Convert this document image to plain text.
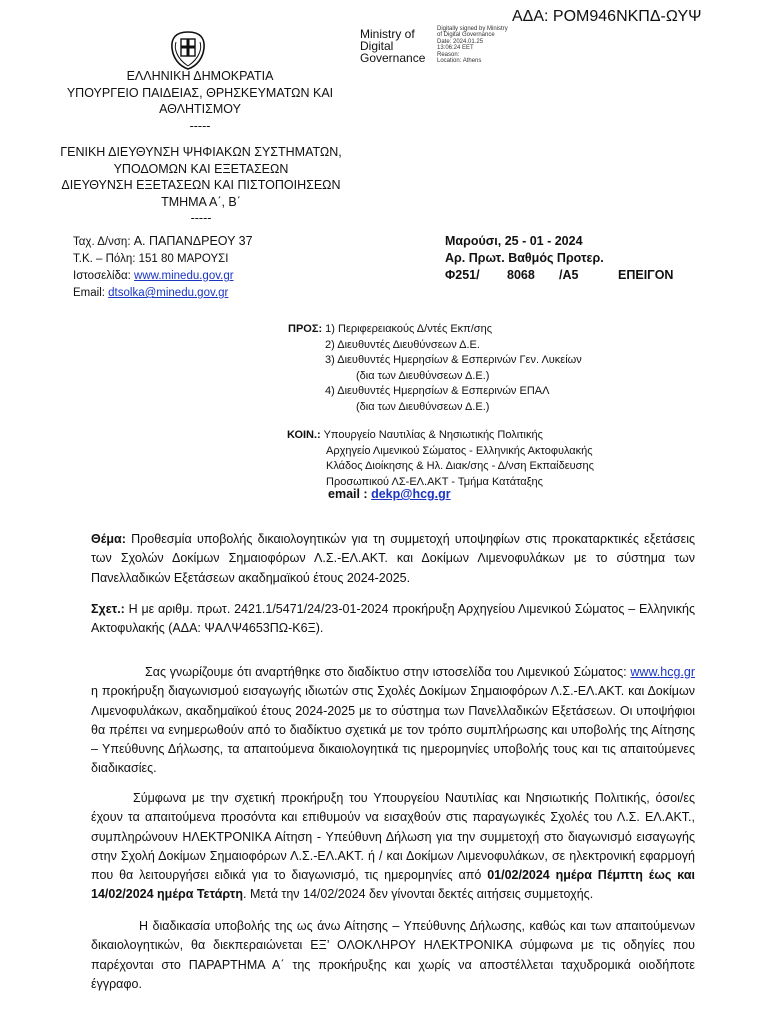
ΑΔΑ: ΡΟΜ946ΝΚΠΔ-ΩΥΨ
Ministry of
Digital
Governance
Digitally signed by Ministry
of Digital Governance
Date: 2024.01.25
13:06:24 EET
Reason:
Location: Athens
ΕΛΛΗΝΙΚΗ ΔΗΜΟΚΡΑΤΙΑ
ΥΠΟΥΡΓΕΙΟ ΠΑΙΔΕΙΑΣ, ΘΡΗΣΚΕΥΜΑΤΩΝ ΚΑΙ
ΑΘΛΗΤΙΣΜΟΥ
-----
ΓΕΝΙΚΗ ΔΙΕΥΘΥΝΣΗ ΨΗΦΙΑΚΩΝ ΣΥΣΤΗΜΑΤΩΝ,
ΥΠΟΔΟΜΩΝ ΚΑΙ ΕΞΕΤΑΣΕΩΝ
ΔΙΕΥΘΥΝΣΗ ΕΞΕΤΑΣΕΩΝ ΚΑΙ ΠΙΣΤΟΠΟΙΗΣΕΩΝ
ΤΜΗΜΑ Α΄, Β΄
-----
Ταχ. Δ/νση: Α. ΠΑΠΑΝΔΡΕΟΥ 37
Τ.Κ. – Πόλη: 151 80 ΜΑΡΟΥΣΙ
Ιστοσελίδα: www.minedu.gov.gr
Email: dtsolka@minedu.gov.gr
Μαρούσι, 25 - 01 - 2024
Αρ. Πρωτ. Βαθμός Προτερ.
Φ251/ 8068 /Α5	ΕΠΕΙΓΟΝ
ΠΡΟΣ: 1) Περιφερειακούς Δ/ντές Εκπ/σης
2) Διευθυντές Διευθύνσεων Δ.Ε.
3) Διευθυντές Ημερησίων & Εσπερινών Γεν. Λυκείων
(δια των Διευθύνσεων Δ.Ε.)
4) Διευθυντές Ημερησίων & Εσπερινών ΕΠΑΛ
(δια των Διευθύνσεων Δ.Ε.)
ΚΟΙΝ.: Υπουργείο Ναυτιλίας & Νησιωτικής Πολιτικής
Αρχηγείο Λιμενικού Σώματος - Ελληνικής Ακτοφυλακής
Κλάδος Διοίκησης & Ηλ. Διακ/σης - Δ/νση Εκπαίδευσης
Προσωπικού ΛΣ-ΕΛ.ΑΚΤ - Τμήμα Κατάταξης
email : dekp@hcg.gr
Θέμα: Προθεσμία υποβολής δικαιολογητικών για τη συμμετοχή υποψηφίων στις προκαταρκτικές εξετάσεις των Σχολών Δοκίμων Σημαιοφόρων Λ.Σ.-ΕΛ.ΑΚΤ. και Δοκίμων Λιμενοφυλάκων με το σύστημα των Πανελλαδικών Εξετάσεων ακαδημαϊκού έτους 2024-2025.
Σχετ.: Η με αριθμ. πρωτ. 2421.1/5471/24/23-01-2024 προκήρυξη Αρχηγείου Λιμενικού Σώματος – Ελληνικής Ακτοφυλακής (ΑΔΑ: ΨΑΛΨ4653ΠΩ-Κ6Ξ).
Σας γνωρίζουμε ότι αναρτήθηκε στο διαδίκτυο στην ιστοσελίδα του Λιμενικού Σώματος: www.hcg.gr η προκήρυξη διαγωνισμού εισαγωγής ιδιωτών στις Σχολές Δοκίμων Σημαιοφόρων Λ.Σ.-ΕΛ.ΑΚΤ. και Δοκίμων Λιμενοφυλάκων, ακαδημαϊκού έτους 2024-2025 με το σύστημα των Πανελλαδικών Εξετάσεων. Οι υποψήφιοι θα πρέπει να ενημερωθούν από το διαδίκτυο σχετικά με τον τρόπο συμπλήρωσης και υποβολής της Αίτησης – Υπεύθυνης Δήλωσης, τα απαιτούμενα δικαιολογητικά τις ημερομηνίες υποβολής τους και τις απαιτούμενες διαδικασίες.
Σύμφωνα με την σχετική προκήρυξη του Υπουργείου Ναυτιλίας και Νησιωτικής Πολιτικής, όσοι/ες έχουν τα απαιτούμενα προσόντα και επιθυμούν να εισαχθούν στις παραγωγικές Σχολές του Λ.Σ. ΕΛ.ΑΚΤ., συμπληρώνουν ΗΛΕΚΤΡΟΝΙΚΑ Αίτηση - Υπεύθυνη Δήλωση για την συμμετοχή στο διαγωνισμό εισαγωγής στην Σχολή Δοκίμων Σημαιοφόρων Λ.Σ.-ΕΛ.ΑΚΤ. ή / και Δοκίμων Λιμενοφυλάκων, σε ηλεκτρονική εφαρμογή που θα λειτουργήσει ειδικά για το διαγωνισμό, τις ημερομηνίες από 01/02/2024 ημέρα Πέμπτη έως και 14/02/2024 ημέρα Τετάρτη. Μετά την 14/02/2024 δεν γίνονται δεκτές αιτήσεις συμμετοχής.
Η διαδικασία υποβολής της ως άνω Αίτησης – Υπεύθυνης Δήλωσης, καθώς και των απαιτούμενων δικαιολογητικών, θα διεκπεραιώνεται ΕΞ’ ΟΛΟΚΛΗΡΟΥ ΗΛΕΚΤΡΟΝΙΚΑ σύμφωνα με τις οδηγίες που παρέχονται στο ΠΑΡΑΡΤΗΜΑ Α΄ της προκήρυξης και χωρίς να αποστέλλεται ταχυδρομικά οιοδήποτε έγγραφο.
